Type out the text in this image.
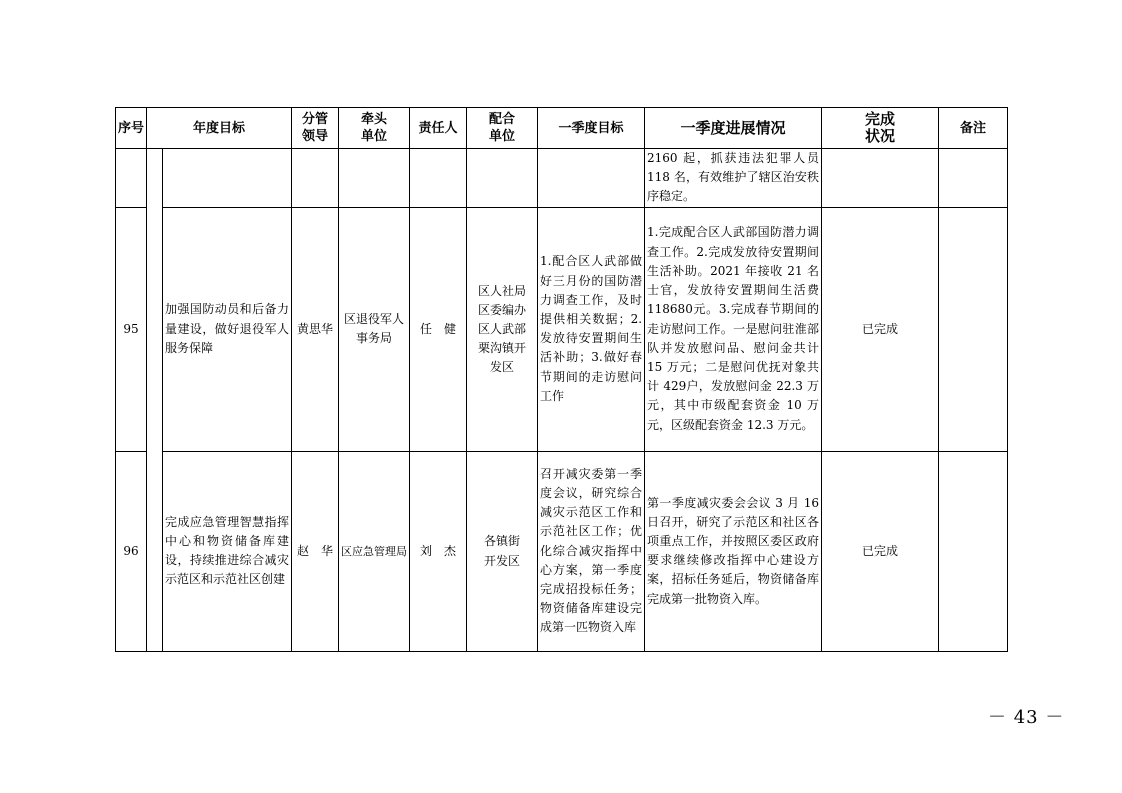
序号	年度目标		分管领导	牵头单位	责任人	配合单位	一季度目标	一季度进展情况	完成状况	备注
								2160 起，抓获违法犯罪人员118 名，有效维护了辖区治安秩序稳定。		
95		加强国防动员和后备力量建设，做好退役军人服务保障	黄思华	区退役军人事务局	任　健	区人社局区委编办区人武部栗沟镇开发区	1.配合区人武部做好三月份的国防潜力调查工作，及时提供相关数据；2.发放待安置期间生活补助；3.做好春节期间的走访慰问工作	1.完成配合区人武部国防潜力调查工作。2.完成发放待安置期间生活补助。2021 年接收 21 名士官，发放待安置期间生活费 118680元。3.完成春节期间的走访慰问工作。一是慰问驻淮部队并发放慰问品、慰问金共计 15 万元；二是慰问优抚对象共计 429户，发放慰问金 22.3 万元，其中市级配套资金 10 万元，区级配套资金 12.3 万元。	已完成	
96		完成应急管理智慧指挥中心和物资储备库建设，持续推进综合减灾示范区和示范社区创建	赵　华	区应急管理局	刘　杰	各镇街开发区	召开减灾委第一季度会议，研究综合减灾示范区工作和示范社区工作；优化综合减灾指挥中心方案，第一季度完成招投标任务；物资储备库建设完成第一匹物资入库	第一季度减灾委会会议 3 月 16 日召开，研究了示范区和社区各项重点工作，并按照区委区政府要求继续修改指挥中心建设方案，招标任务延后，物资储备库完成第一批物资入库。	已完成	
－ 43 －
